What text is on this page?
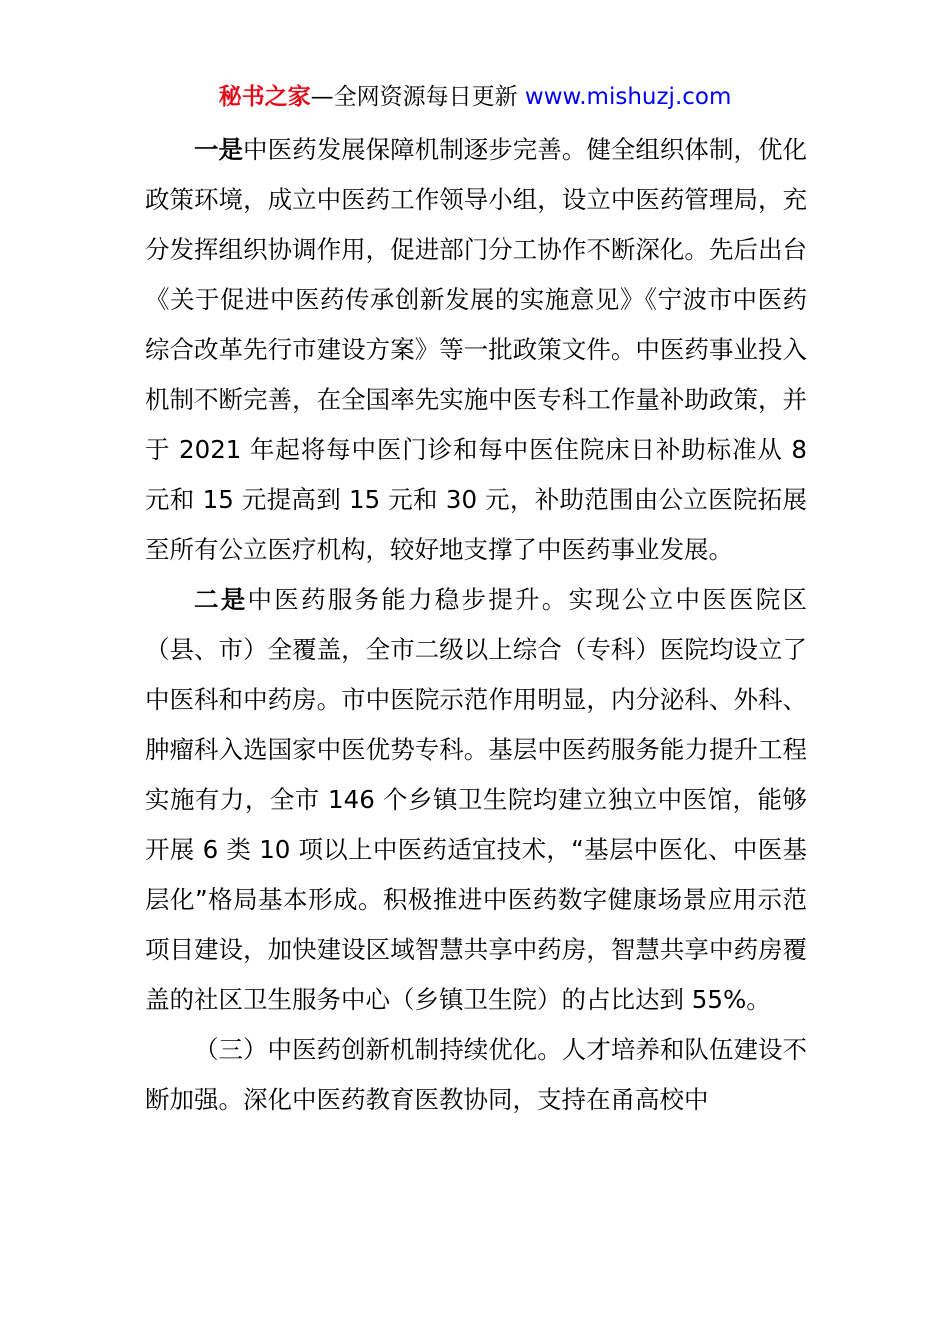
秘书之家—全网资源每日更新 www.mishuzj.com

一是中医药发展保障机制逐步完善。健全组织体制，优化政策环境，成立中医药工作领导小组，设立中医药管理局，充分发挥组织协调作用，促进部门分工协作不断深化。先后出台《关于促进中医药传承创新发展的实施意见》《宁波市中医药综合改革先行市建设方案》等一批政策文件。中医药事业投入机制不断完善，在全国率先实施中医专科工作量补助政策，并于 2021 年起将每中医门诊和每中医住院床日补助标准从 8 元和 15 元提高到 15 元和 30 元，补助范围由公立医院拓展至所有公立医疗机构，较好地支撑了中医药事业发展。

二是中医药服务能力稳步提升。实现公立中医医院区（县、市）全覆盖，全市二级以上综合（专科）医院均设立了中医科和中药房。市中医院示范作用明显，内分泌科、外科、肿瘤科入选国家中医优势专科。基层中医药服务能力提升工程实施有力，全市 146 个乡镇卫生院均建立独立中医馆，能够开展 6 类 10 项以上中医药适宜技术，“基层中医化、中医基层化”格局基本形成。积极推进中医药数字健康场景应用示范项目建设，加快建设区域智慧共享中药房，智慧共享中药房覆盖的社区卫生服务中心（乡镇卫生院）的占比达到 55%。

（三）中医药创新机制持续优化。人才培养和队伍建设不断加强。深化中医药教育医教协同，支持在甬高校中
